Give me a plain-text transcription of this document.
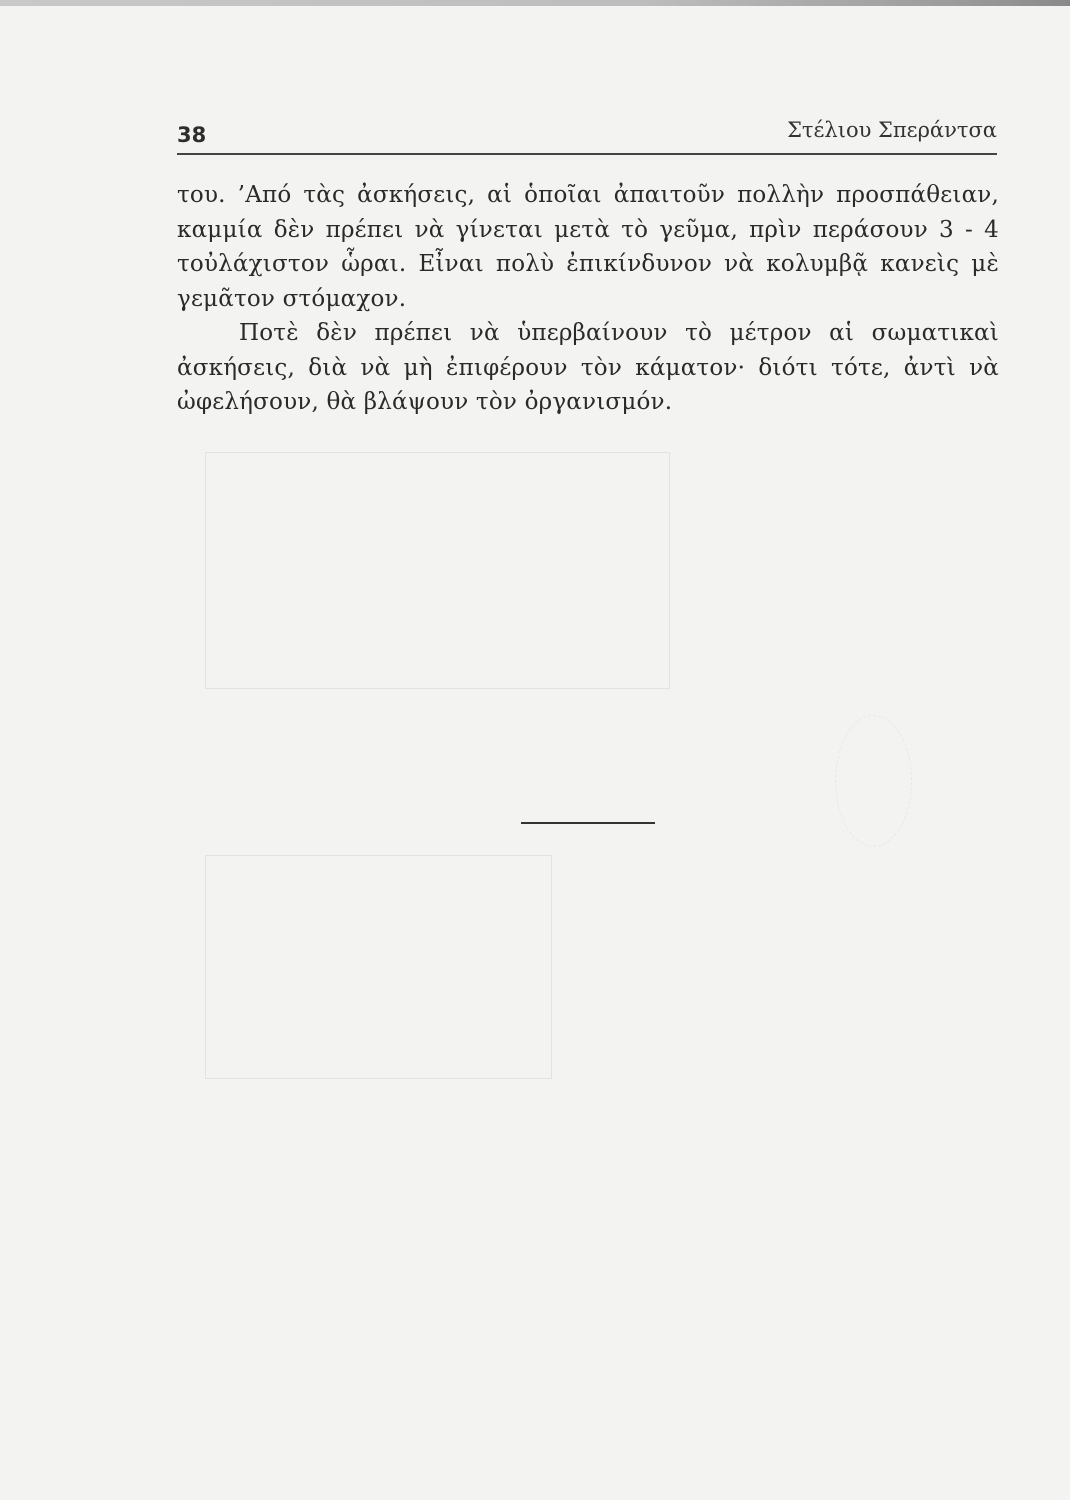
38	Στέλιου Σπεράντσα

του. ’Από τὰς ἀσκήσεις, αἱ ὁποῖαι ἀπαιτοῦν πολλὴν προσπάθειαν, καμμία δὲν πρέπει νὰ γίνεται μετὰ τὸ γεῦμα, πρὶν περάσουν 3 - 4 τοὐλάχιστον ὧραι. Εἶναι πολὺ ἐπικίνδυνον νὰ κολυμβᾷ κανεὶς μὲ γεμᾶτον στόμαχον.

Ποτὲ δὲν πρέπει νὰ ὑπερβαίνουν τὸ μέτρον αἱ σωματικαὶ ἀσκήσεις, διὰ νὰ μὴ ἐπιφέρουν τὸν κάματον· διότι τότε, ἀντὶ νὰ ὠφελήσουν, θὰ βλάψουν τὸν ὀργανισμόν.
